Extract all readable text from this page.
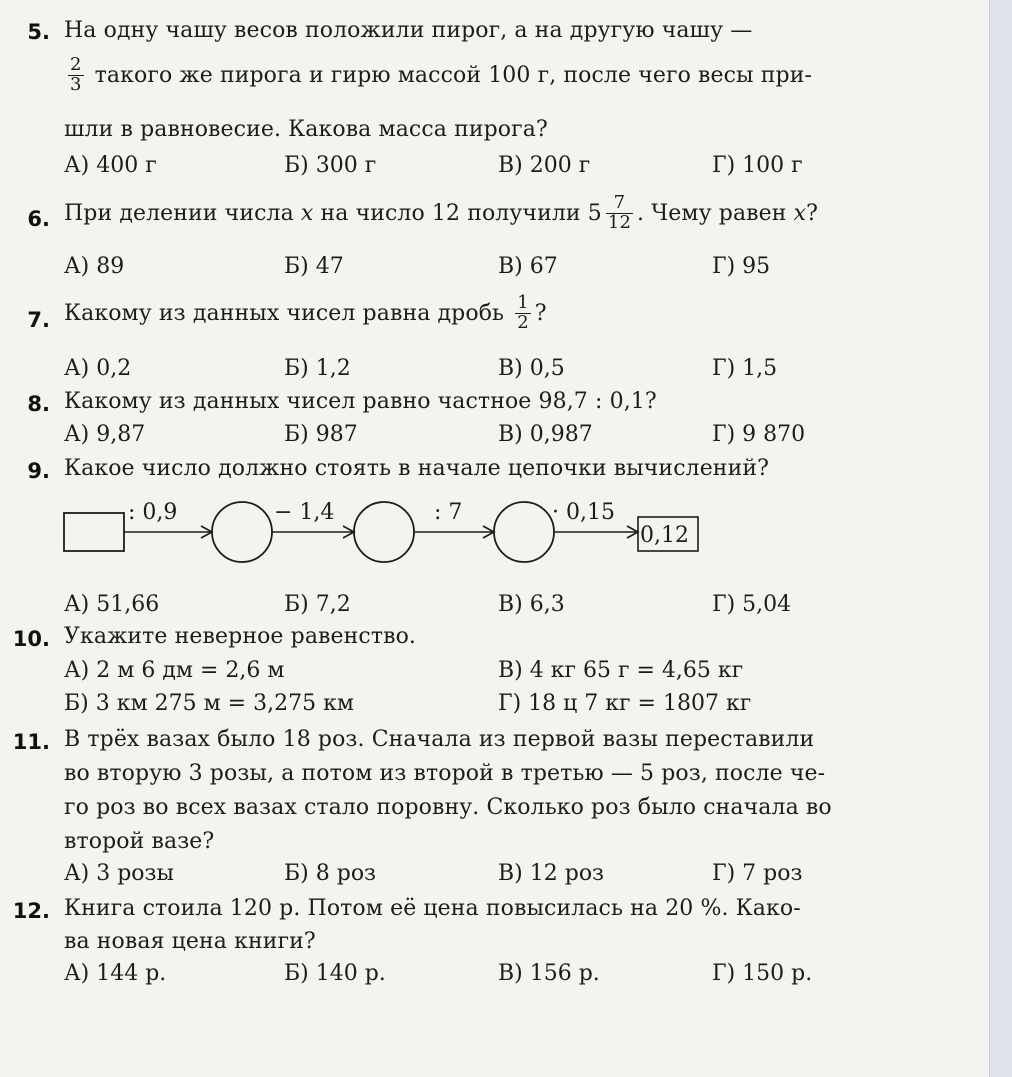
5. На одну чашу весов положили пирог, а на другую чашу —
$\frac{2}{3}$ такого же пирога и гирю массой 100 г, после чего весы при-
шли в равновесие. Какова масса пирога?
А) 400 г	Б) 300 г	В) 200 г	Г) 100 г
6. При делении числа x на число 12 получили $5 \frac{7}{12}$ . Чему равен x?
А) 89	Б) 47	В) 67	Г) 95
7. Какому из данных чисел равна дробь $\frac{1}{2}$ ?
А) 0,2	Б) 1,2	В) 0,5	Г) 1,5
8. Какому из данных чисел равно частное 98,7 : 0,1?
А) 9,87	Б) 987	В) 0,987	Г) 9 870
9. Какое число должно стоять в начале цепочки вычислений?
: 0,9	− 1,4	: 7	· 0,15
0,12
А) 51,66	Б) 7,2	В) 6,3	Г) 5,04
10. Укажите неверное равенство.
А) 2 м 6 дм = 2,6 м	В) 4 кг 65 г = 4,65 кг
Б) 3 км 275 м = 3,275 км	Г) 18 ц 7 кг = 1807 кг
11. В трёх вазах было 18 роз. Сначала из первой вазы переставили
во вторую 3 розы, а потом из второй в третью — 5 роз, после че-
го роз во всех вазах стало поровну. Сколько роз было сначала во
второй вазе?
А) 3 розы	Б) 8 роз	В) 12 роз	Г) 7 роз
12. Книга стоила 120 р. Потом её цена повысилась на 20 %. Како-
ва новая цена книги?
А) 144 р.	Б) 140 р.	В) 156 р.	Г) 150 р.
